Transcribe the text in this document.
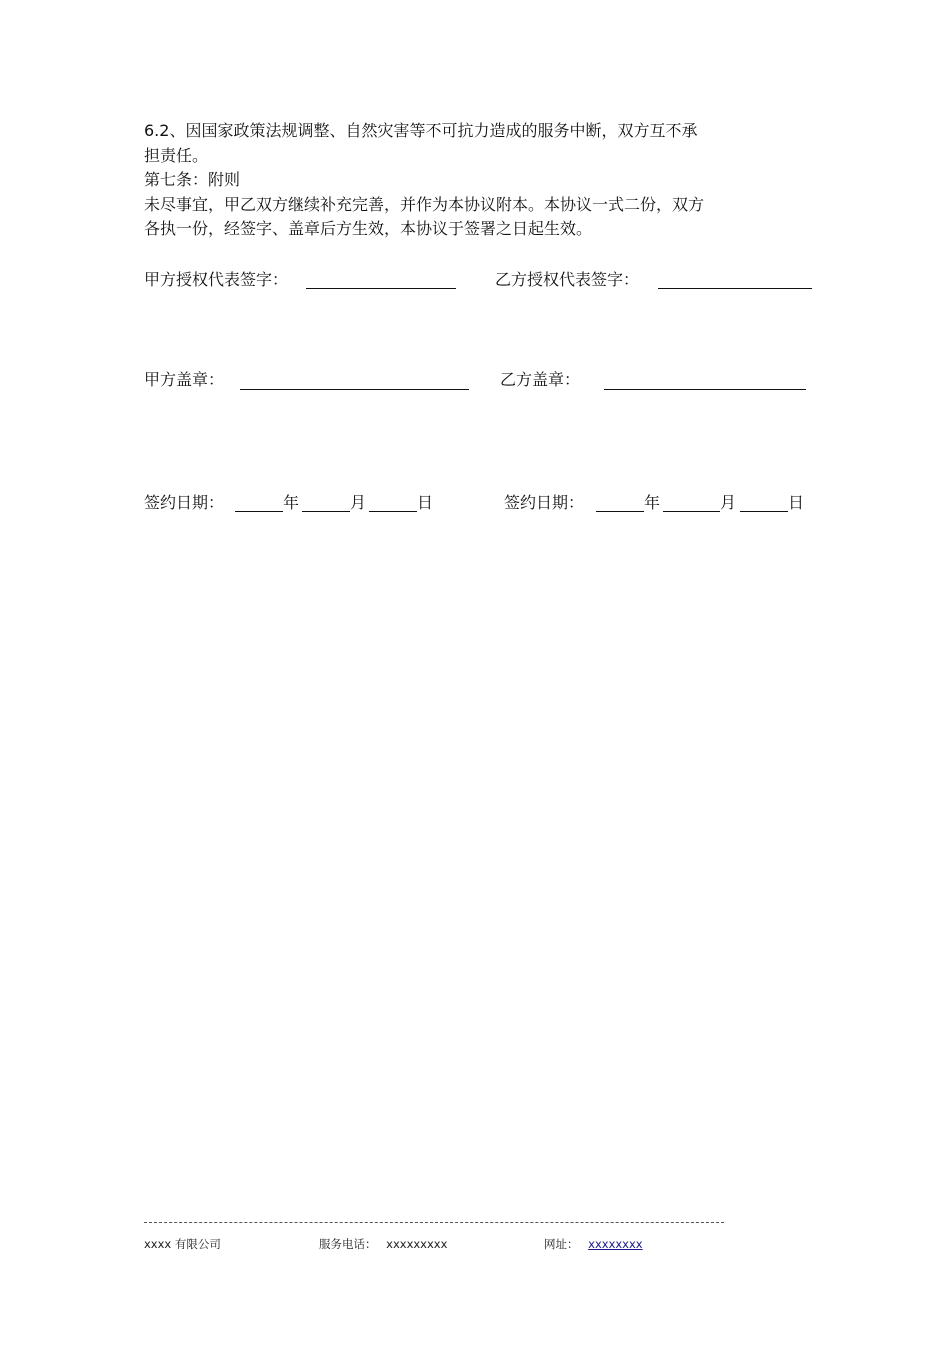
6.2、因国家政策法规调整、自然灾害等不可抗力造成的服务中断，双方互不承
担责任。
第七条：附则
未尽事宜，甲乙双方继续补充完善，并作为本协议附本。本协议一式二份，双方
各执一份，经签字、盖章后方生效，本协议于签署之日起生效。

甲方授权代表签字：	乙方授权代表签字：
甲方盖章：	乙方盖章：
签约日期：	年	月	日	签约日期：	年	月	日
xxxx 有限公司	服务电话： xxxxxxxxx	网址： xxxxxxxx
